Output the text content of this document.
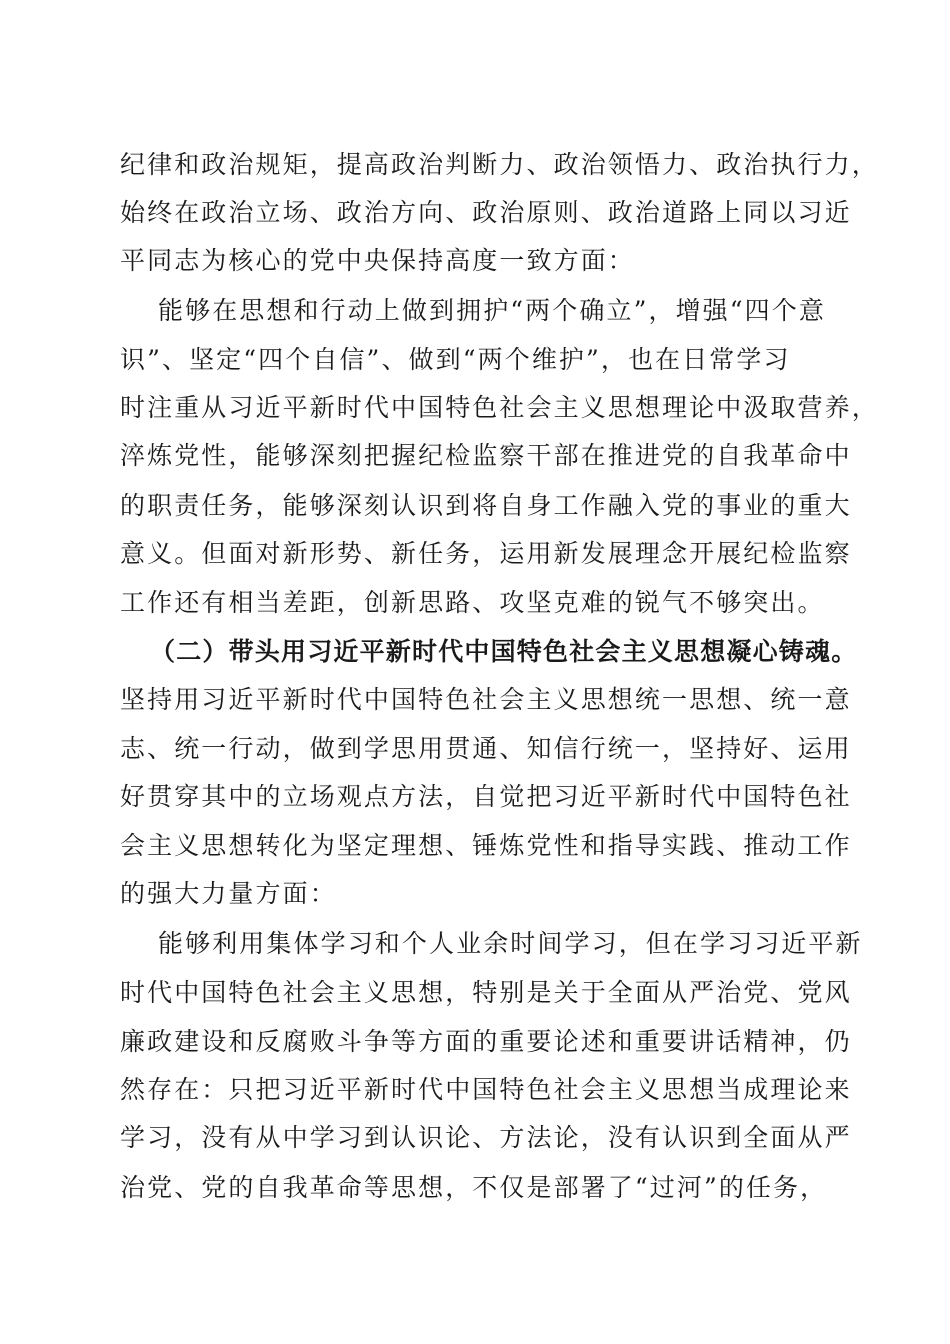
纪律和政治规矩，提高政治判断力、政治领悟力、政治执行力，
始终在政治立场、政治方向、政治原则、政治道路上同以习近
平同志为核心的党中央保持高度一致方面：
能够在思想和行动上做到拥护“两个确立”，增强“四个意
识”、坚定“四个自信”、做到“两个维护”，也在日常学习
时注重从习近平新时代中国特色社会主义思想理论中汲取营养，
淬炼党性，能够深刻把握纪检监察干部在推进党的自我革命中
的职责任务，能够深刻认识到将自身工作融入党的事业的重大
意义。但面对新形势、新任务，运用新发展理念开展纪检监察
工作还有相当差距，创新思路、攻坚克难的锐气不够突出。
（二）带头用习近平新时代中国特色社会主义思想凝心铸魂。
坚持用习近平新时代中国特色社会主义思想统一思想、统一意
志、统一行动，做到学思用贯通、知信行统一，坚持好、运用
好贯穿其中的立场观点方法，自觉把习近平新时代中国特色社
会主义思想转化为坚定理想、锤炼党性和指导实践、推动工作
的强大力量方面：
能够利用集体学习和个人业余时间学习，但在学习习近平新
时代中国特色社会主义思想，特别是关于全面从严治党、党风
廉政建设和反腐败斗争等方面的重要论述和重要讲话精神，仍
然存在：只把习近平新时代中国特色社会主义思想当成理论来
学习，没有从中学习到认识论、方法论，没有认识到全面从严
治党、党的自我革命等思想，不仅是部署了“过河”的任务，
